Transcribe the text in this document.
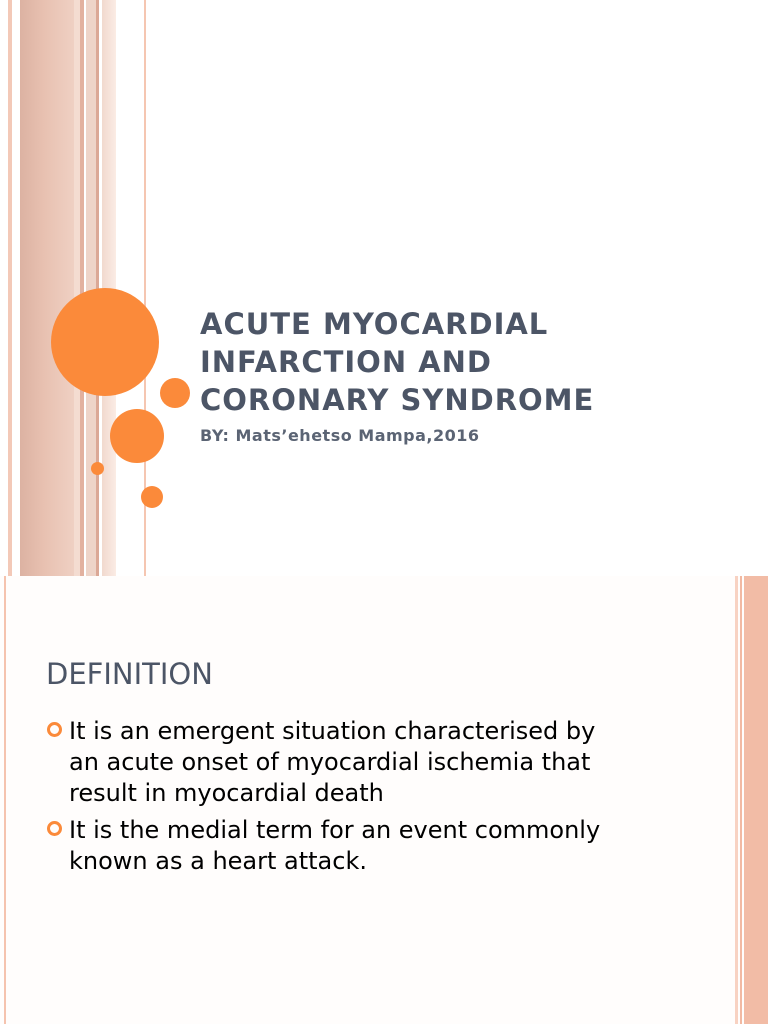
ACUTE MYOCARDIAL
INFARCTION AND
CORONARY SYNDROME

BY: Mats’ehetso Mampa,2016

DEFINITION
It is an emergent situation characterised by
an acute onset of myocardial ischemia that
result in myocardial death
It is the medial term for an event commonly
known as a heart attack.
